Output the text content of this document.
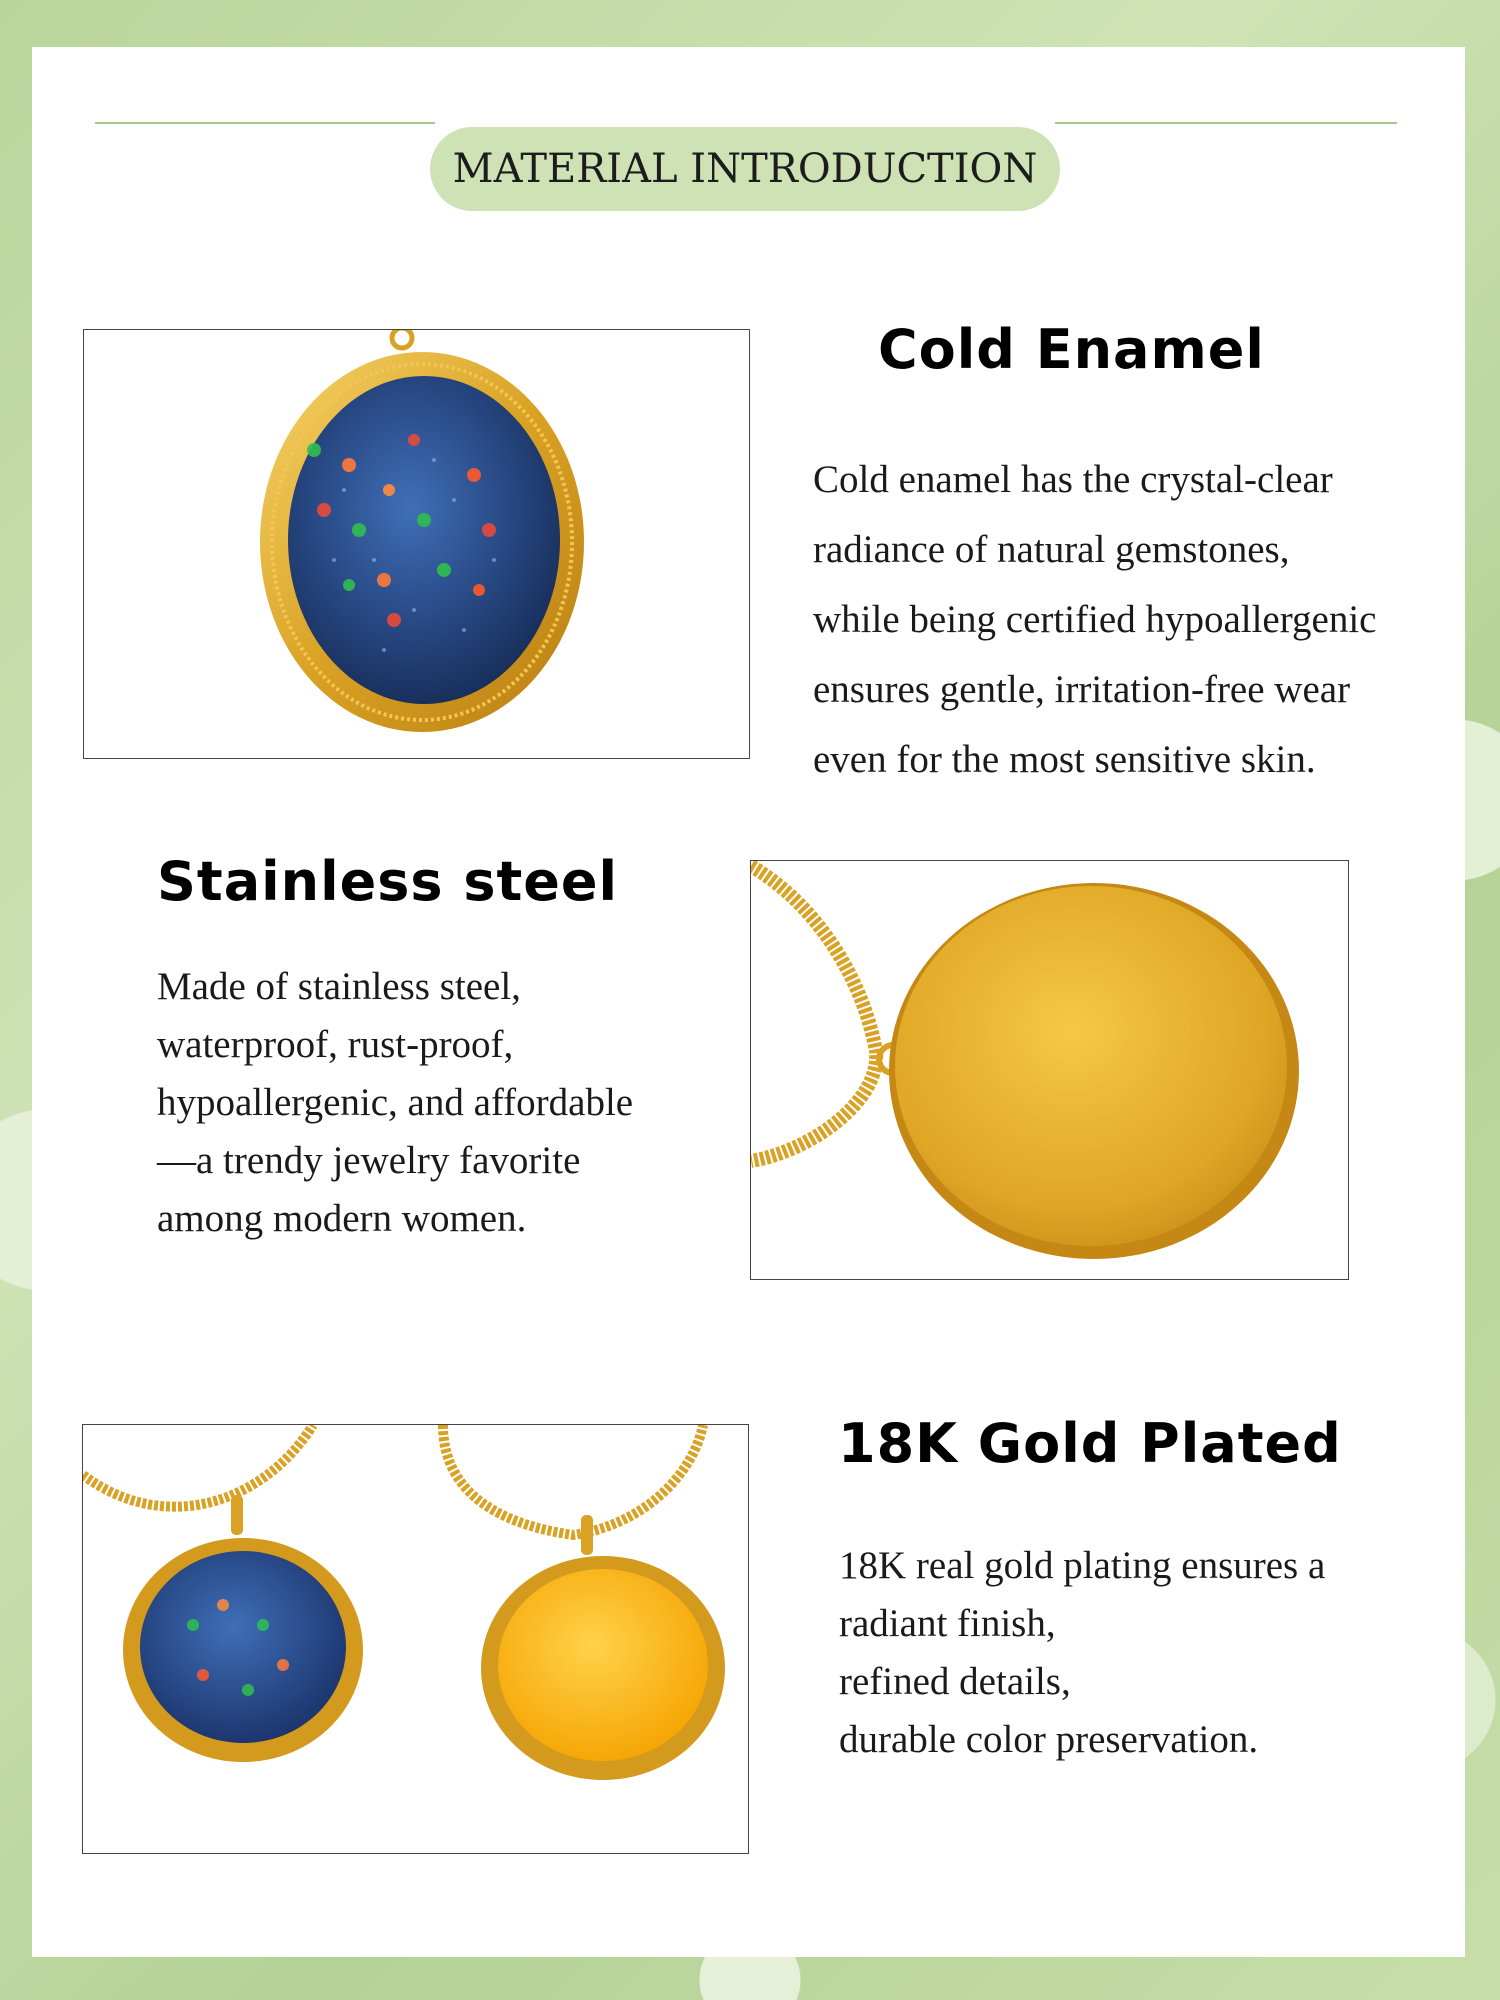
MATERIAL INTRODUCTION
Cold Enamel
Cold enamel has the crystal-clear
radiance of natural gemstones,
while being certified hypoallergenic
ensures gentle, irritation-free wear
even for the most sensitive skin.
Stainless steel
Made of stainless steel,
waterproof, rust-proof,
hypoallergenic, and affordable
—a trendy jewelry favorite
among modern women.
18K Gold Plated
18K real gold plating ensures a
radiant finish,
refined details,
durable color preservation.
